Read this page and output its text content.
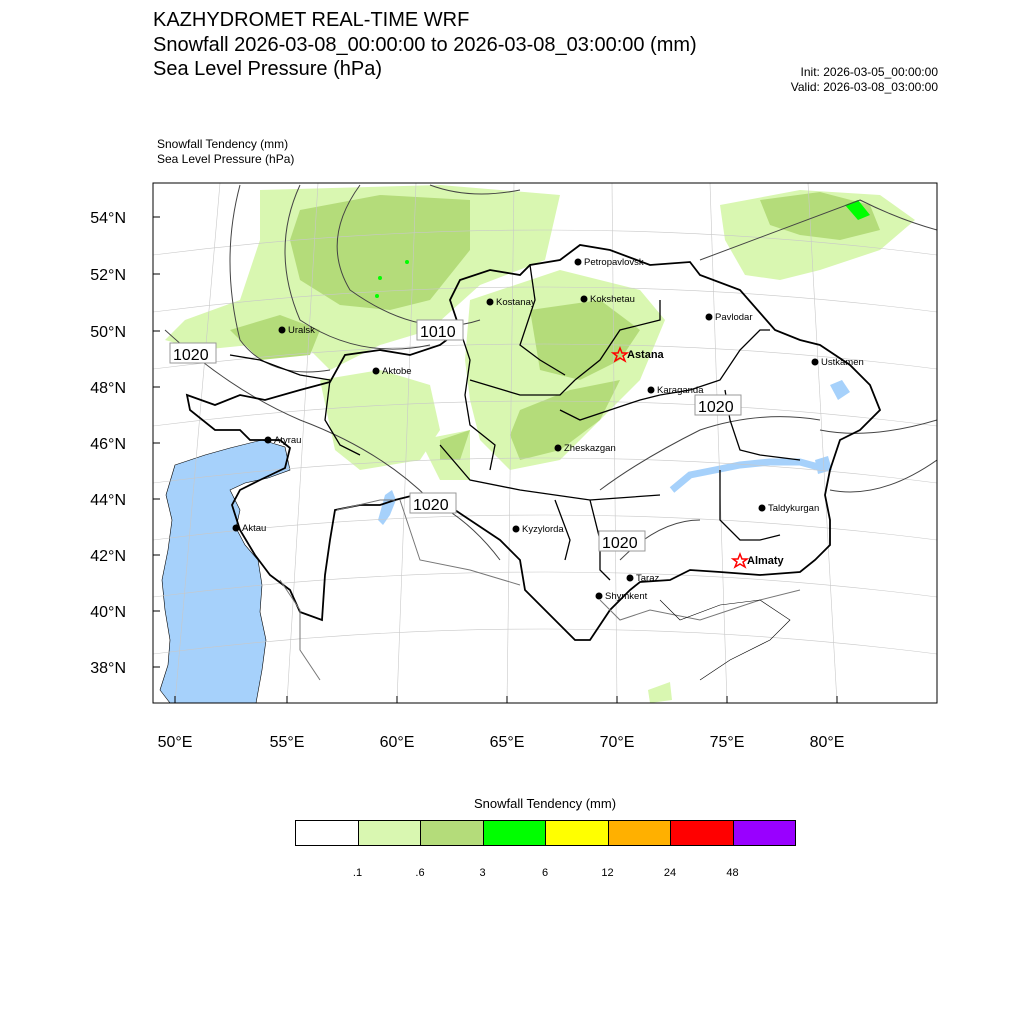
KAZHYDROMET REAL-TIME WRF
Snowfall 2026-03-08_00:00:00 to 2026-03-08_03:00:00 (mm)
Sea Level Pressure (hPa)	Init: 2026-03-05_00:00:00
Valid: 2026-03-08_03:00:00
Snowfall Tendency (mm)
Sea Level Pressure (hPa)
54°N
52°N
50°N
48°N
46°N
44°N
42°N
40°N
38°N
50°E	55°E	60°E	65°E	70°E	75°E	80°E
1010
1020
1020
1020
1020
Petropavlovsk
Kostanay	Kokshetau
Pavlodar
Uralsk
Astana
Aktobe
Ustkamen
Karaganda
Atyrau
Zheskazgan
Aktau	Kyzylorda
Taldykurgan
Almaty
Taraz
Shymkent
Snowfall Tendency (mm)
.1	.6	3	6	12	24	48
